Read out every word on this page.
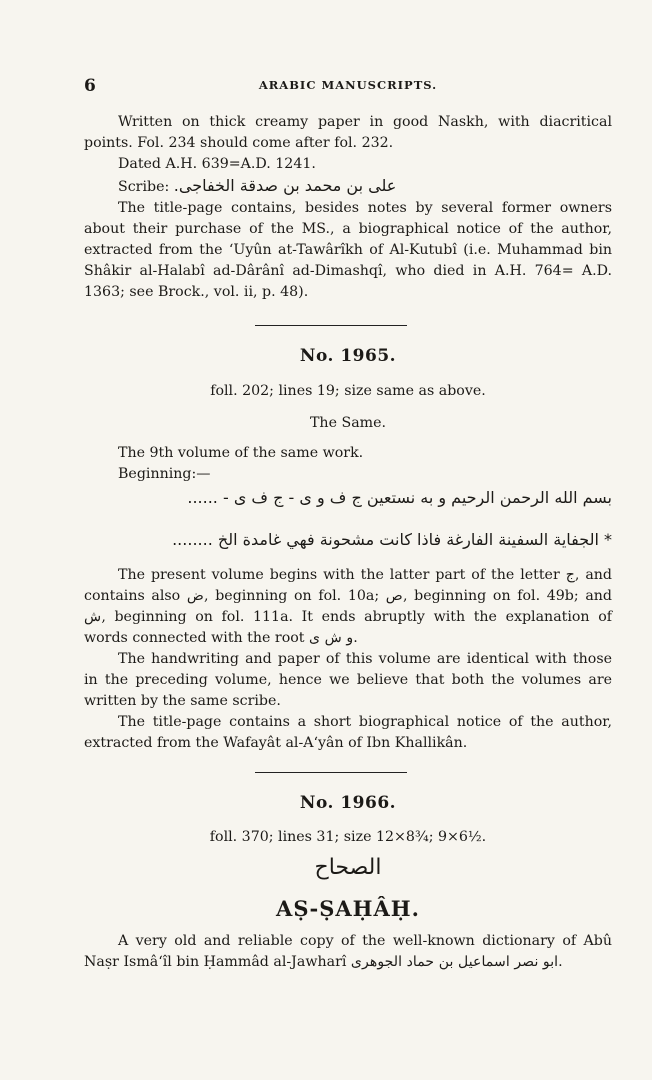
6	ARABIC MANUSCRIPTS.

Written on thick creamy paper in good Naskh, with diacritical points. Fol. 234 should come after fol. 232.

Dated A.H. 639=A.D. 1241.

Scribe: علی بن محمد بن صدقة الخفاجی.

The title-page contains, besides notes by several former owners about their purchase of the MS., a biographical notice of the author, extracted from the ‘Uyûn at-Tawârîkh of Al-Kutubî (i.e. Muhammad bin Shâkir al-Halabî ad-Dârânî ad-Dimashqî, who died in A.H. 764= A.D. 1363; see Brock., vol. ii, p. 48).

No. 1965.

foll. 202; lines 19; size same as above.

The Same.

The 9th volume of the same work.

Beginning:—

بسم الله الرحمن الرحيم و به نستعين ج ف و ی - ج ف ی - ......
* الجفاية السفينة الفارغة فاذا كانت مشحونة فهي غامدة الخ ........

The present volume begins with the latter part of the letter ج, and contains also ض, beginning on fol. 10a; ص, beginning on fol. 49b; and ش, beginning on fol. 111a. It ends abruptly with the explanation of words connected with the root و ش ی.

The handwriting and paper of this volume are identical with those in the preceding volume, hence we believe that both the volumes are written by the same scribe.

The title-page contains a short biographical notice of the author, extracted from the Wafayât al-A‘yân of Ibn Khallikân.

No. 1966.

foll. 370; lines 31; size 12×8¾; 9×6½.

الصحاح
AṢ-ṢAḤÂḤ.

A very old and reliable copy of the well-known dictionary of Abû Naṣr Ismâ‘îl bin Ḥammâd al-Jawharî ابو نصر اسماعيل بن حماد الجوهری.
